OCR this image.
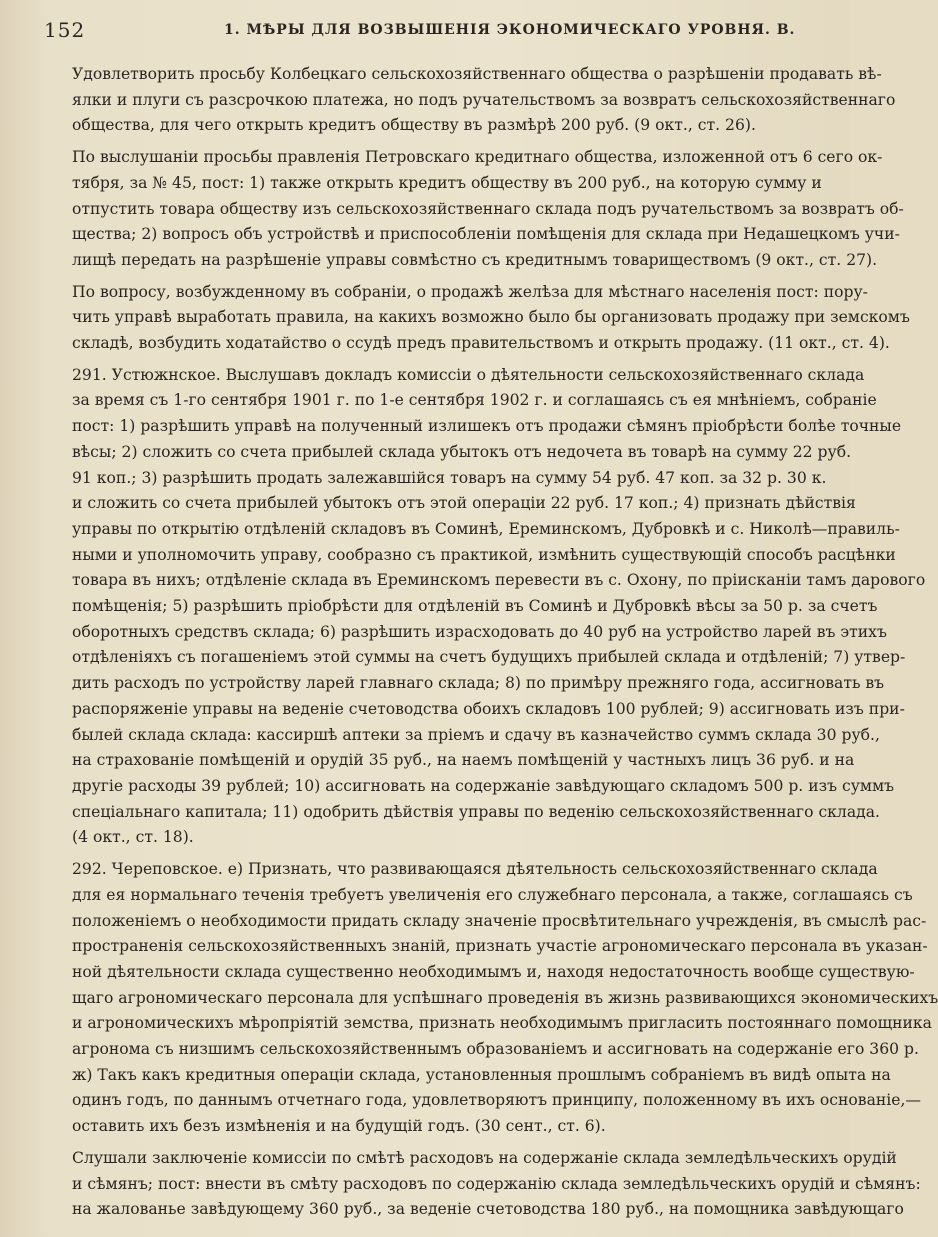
152	1. МѢРЫ ДЛЯ ВОЗВЫШЕНІЯ ЭКОНОМИЧЕСКАГО УРОВНЯ. В.
Удовлетворить просьбу Колбецкаго сельскохозяйственнаго общества о разрѣшеніи продавать вѣ-
ялки и плуги съ разсрочкою платежа, но подъ ручательствомъ за возвратъ сельскохозяйственнаго
общества, для чего открыть кредитъ обществу въ размѣрѣ 200 руб. (9 окт., ст. 26).
По выслушаніи просьбы правленія Петровскаго кредитнаго общества, изложенной отъ 6 сего ок-
тября, за № 45, пост: 1) также открыть кредитъ обществу въ 200 руб., на которую сумму и
отпустить товара обществу изъ сельскохозяйственнаго склада подъ ручательствомъ за возвратъ об-
щества; 2) вопросъ объ устройствѣ и приспособленіи помѣщенія для склада при Недашецкомъ учи-
лищѣ передать на разрѣшеніе управы совмѣстно съ кредитнымъ товариществомъ (9 окт., ст. 27).
По вопросу, возбужденному въ собраніи, о продажѣ желѣза для мѣстнаго населенія пост: пору-
чить управѣ выработать правила, на какихъ возможно было бы организовать продажу при земскомъ
складѣ, возбудить ходатайство о ссудѣ предъ правительствомъ и открыть продажу. (11 окт., ст. 4).
291. Устюжнское. Выслушавъ докладъ комиссіи о дѣятельности сельскохозяйственнаго склада
за время съ 1-го сентября 1901 г. по 1-е сентября 1902 г. и соглашаясь съ ея мнѣніемъ, собраніе
пост: 1) разрѣшить управѣ на полученный излишекъ отъ продажи сѣмянъ пріобрѣсти болѣе точные
вѣсы; 2) сложить со счета прибылей склада убытокъ отъ недочета въ товарѣ на сумму 22 руб.
91 коп.; 3) разрѣшить продать залежавшійся товаръ на сумму 54 руб. 47 коп. за 32 р. 30 к.
и сложить со счета прибылей убытокъ отъ этой операціи 22 руб. 17 коп.; 4) признать дѣйствія
управы по открытію отдѣленій складовъ въ Соминѣ, Ереминскомъ, Дубровкѣ и с. Николѣ—правиль-
ными и уполномочить управу, сообразно съ практикой, измѣнить существующій способъ расцѣнки
товара въ нихъ; отдѣленіе склада въ Ереминскомъ перевести въ с. Охону, по пріисканіи тамъ дарового
помѣщенія; 5) разрѣшить пріобрѣсти для отдѣленій въ Соминѣ и Дубровкѣ вѣсы за 50 р. за счетъ
оборотныхъ средствъ склада; 6) разрѣшить израсходовать до 40 руб на устройство ларей въ этихъ
отдѣленіяхъ съ погашеніемъ этой суммы на счетъ будущихъ прибылей склада и отдѣленій; 7) утвер-
дить расходъ по устройству ларей главнаго склада; 8) по примѣру прежняго года, ассигновать въ
распоряженіе управы на веденіе счетоводства обоихъ складовъ 100 рублей; 9) ассигновать изъ при-
былей склада склада: кассиршѣ аптеки за пріемъ и сдачу въ казначейство суммъ склада 30 руб.,
на страхованіе помѣщеній и орудій 35 руб., на наемъ помѣщеній у частныхъ лицъ 36 руб. и на
другіе расходы 39 рублей; 10) ассигновать на содержаніе завѣдующаго складомъ 500 р. изъ суммъ
спеціальнаго капитала; 11) одобрить дѣйствія управы по веденію сельскохозяйственнаго склада.
(4 окт., ст. 18).
292. Череповское. е) Признать, что развивающаяся дѣятельность сельскохозяйственнаго склада
для ея нормальнаго теченія требуетъ увеличенія его служебнаго персонала, а также, соглашаясь съ
положеніемъ о необходимости придать складу значеніе просвѣтительнаго учрежденія, въ смыслѣ рас-
пространенія сельскохозяйственныхъ знаній, признать участіе агрономическаго персонала въ указан-
ной дѣятельности склада существенно необходимымъ и, находя недостаточность вообще существую-
щаго агрономическаго персонала для успѣшнаго проведенія въ жизнь развивающихся экономическихъ
и агрономическихъ мѣропріятій земства, признать необходимымъ пригласить постояннаго помощника
агронома съ низшимъ сельскохозяйственнымъ образованіемъ и ассигновать на содержаніе его 360 р.
ж) Такъ какъ кредитныя операціи склада, установленныя прошлымъ собраніемъ въ видѣ опыта на
одинъ годъ, по даннымъ отчетнаго года, удовлетворяютъ принципу, положенному въ ихъ основаніе,—
оставить ихъ безъ измѣненія и на будущій годъ. (30 сент., ст. 6).
Слушали заключеніе комиссіи по смѣтѣ расходовъ на содержаніе склада земледѣльческихъ орудій
и сѣмянъ; пост: внести въ смѣту расходовъ по содержанію склада земледѣльческихъ орудій и сѣмянъ:
на жалованье завѣдующему 360 руб., за веденіе счетоводства 180 руб., на помощника завѣдующаго
